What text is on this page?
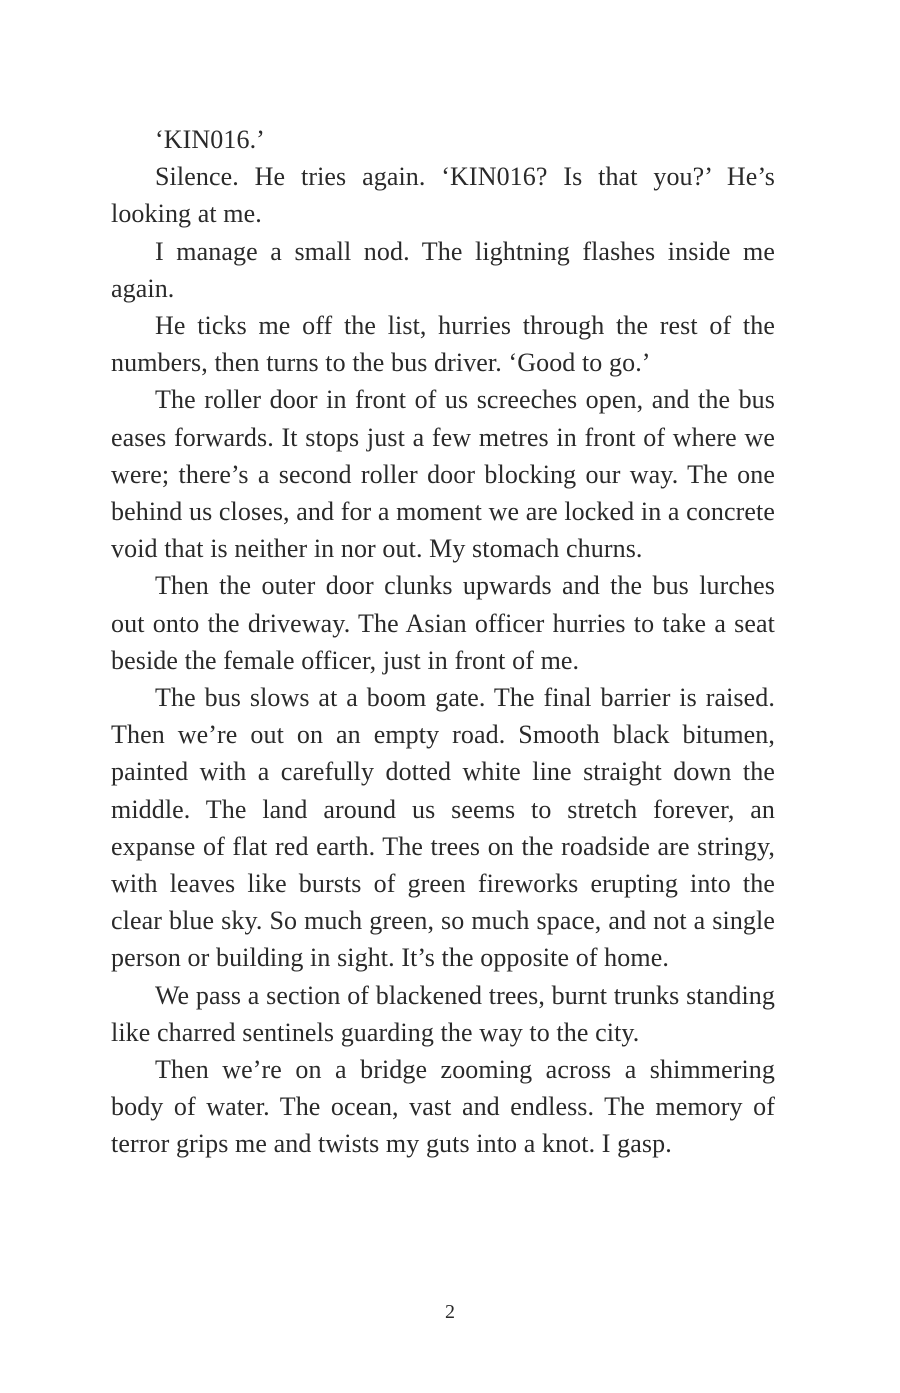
‘KIN016.’

Silence. He tries again. ‘KIN016? Is that you?’ He’s looking at me.

I manage a small nod. The lightning flashes inside me again.

He ticks me off the list, hurries through the rest of the numbers, then turns to the bus driver. ‘Good to go.’

The roller door in front of us screeches open, and the bus eases forwards. It stops just a few metres in front of where we were; there’s a second roller door blocking our way. The one behind us closes, and for a moment we are locked in a concrete void that is neither in nor out. My stomach churns.

Then the outer door clunks upwards and the bus lurches out onto the driveway. The Asian officer hurries to take a seat beside the female officer, just in front of me.

The bus slows at a boom gate. The final barrier is raised. Then we’re out on an empty road. Smooth black bitumen, painted with a carefully dotted white line straight down the middle. The land around us seems to stretch forever, an expanse of flat red earth. The trees on the roadside are stringy, with leaves like bursts of green fireworks erupting into the clear blue sky. So much green, so much space, and not a single person or building in sight. It’s the opposite of home.

We pass a section of blackened trees, burnt trunks standing like charred sentinels guarding the way to the city.

Then we’re on a bridge zooming across a shimmering body of water. The ocean, vast and endless. The memory of terror grips me and twists my guts into a knot. I gasp.

2
